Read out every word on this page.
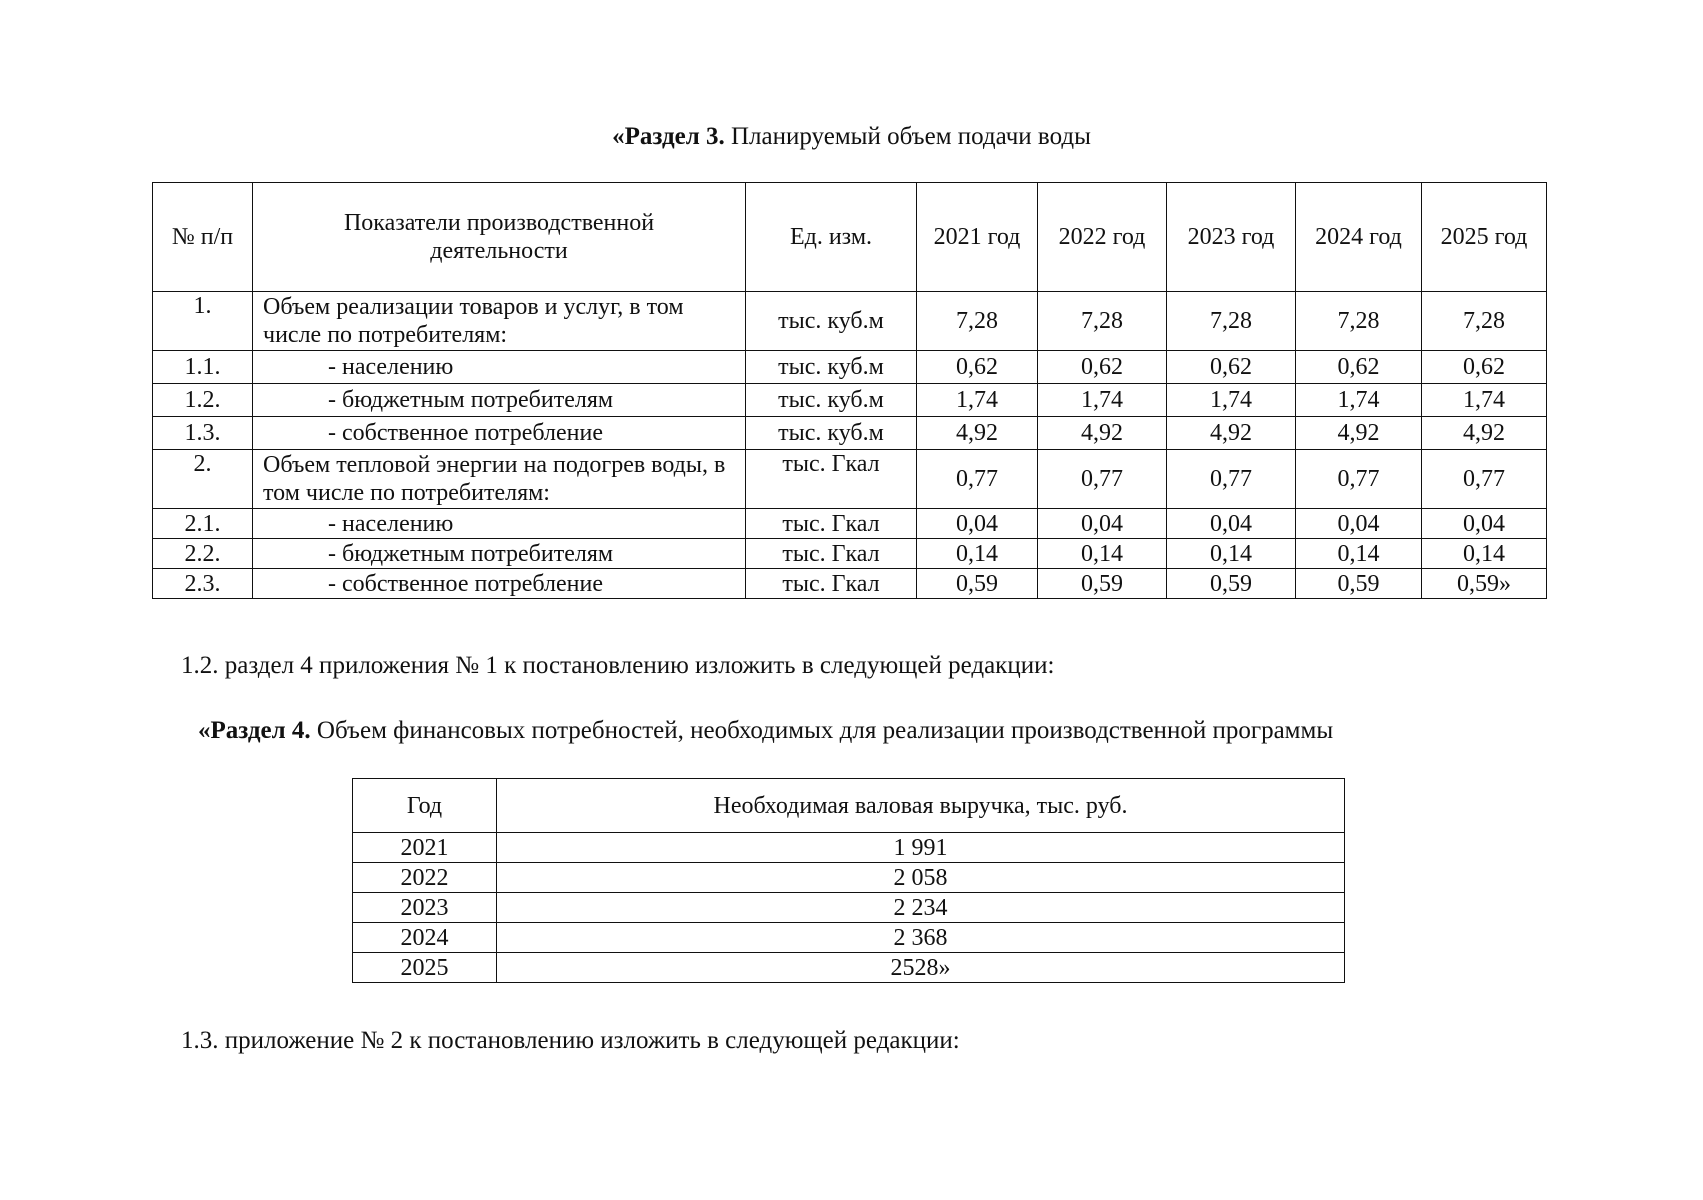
«Раздел 3. Планируемый объем подачи воды
№ п/п	Показатели производственной деятельности	Ед. изм.	2021 год	2022 год	2023 год	2024 год	2025 год
1.	Объем реализации товаров и услуг, в том числе по потребителям:	тыс. куб.м	7,28	7,28	7,28	7,28	7,28
1.1.	- населению	тыс. куб.м	0,62	0,62	0,62	0,62	0,62
1.2.	- бюджетным потребителям	тыс. куб.м	1,74	1,74	1,74	1,74	1,74
1.3.	- собственное потребление	тыс. куб.м	4,92	4,92	4,92	4,92	4,92
2.	Объем тепловой энергии на подогрев воды, в том числе по потребителям:	тыс. Гкал	0,77	0,77	0,77	0,77	0,77
2.1.	- населению	тыс. Гкал	0,04	0,04	0,04	0,04	0,04
2.2.	- бюджетным потребителям	тыс. Гкал	0,14	0,14	0,14	0,14	0,14
2.3.	- собственное потребление	тыс. Гкал	0,59	0,59	0,59	0,59	0,59»
1.2. раздел 4 приложения № 1 к постановлению изложить в следующей редакции:
«Раздел 4. Объем финансовых потребностей, необходимых для реализации производственной программы
Год	Необходимая валовая выручка, тыс. руб.
2021	1 991
2022	2 058
2023	2 234
2024	2 368
2025	2528»
1.3. приложение № 2 к постановлению изложить в следующей редакции:
